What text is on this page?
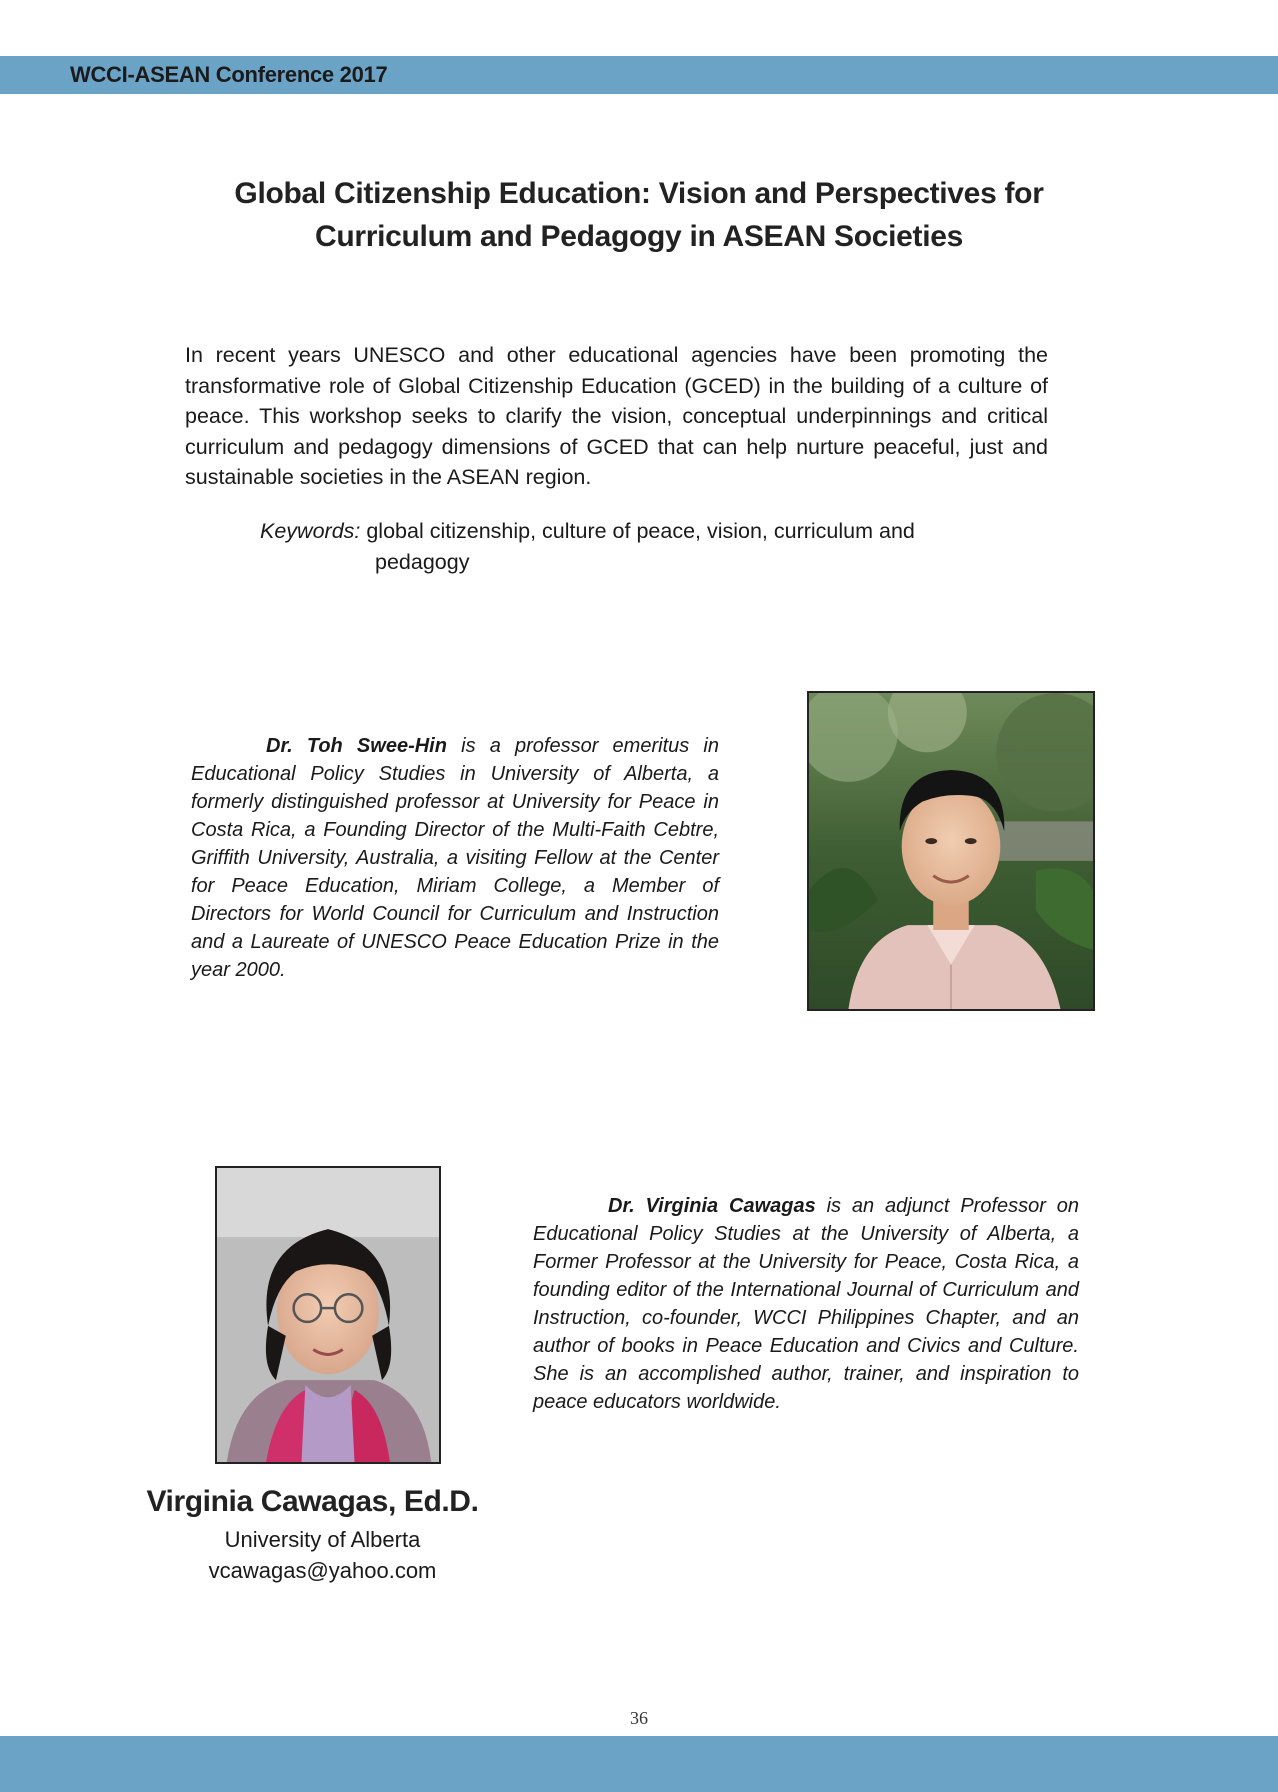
WCCI-ASEAN Conference 2017
Global Citizenship Education: Vision and Perspectives for
Curriculum and Pedagogy in ASEAN Societies

In recent years UNESCO and other educational agencies have been promoting the transformative role of Global Citizenship Education (GCED) in the building of a culture of peace. This workshop seeks to clarify the vision, conceptual underpinnings and critical curriculum and pedagogy dimensions of GCED that can help nurture peaceful, just and sustainable societies in the ASEAN region.

Keywords: global citizenship, culture of peace, vision, curriculum and
pedagogy
Dr. Toh Swee-Hin is a professor emeritus in Educational Policy Studies in University of Alberta, a formerly distinguished professor at University for Peace in Costa Rica, a Founding Director of the Multi-Faith Cebtre, Griffith University, Australia, a visiting Fellow at the Center for Peace Education, Miriam College, a Member of Directors for World Council for Curriculum and Instruction and a Laureate of UNESCO Peace Education Prize in the year 2000.
Dr. Virginia Cawagas is an adjunct Professor on Educational Policy Studies at the University of Alberta, a Former Professor at the University for Peace, Costa Rica, a founding editor of the International Journal of Curriculum and Instruction, co-founder, WCCI Philippines Chapter, and an author of books in Peace Education and Civics and Culture. She is an accomplished author, trainer, and inspiration to peace educators worldwide.
Virginia Cawagas, Ed.D.
University of Alberta
vcawagas@yahoo.com
36
